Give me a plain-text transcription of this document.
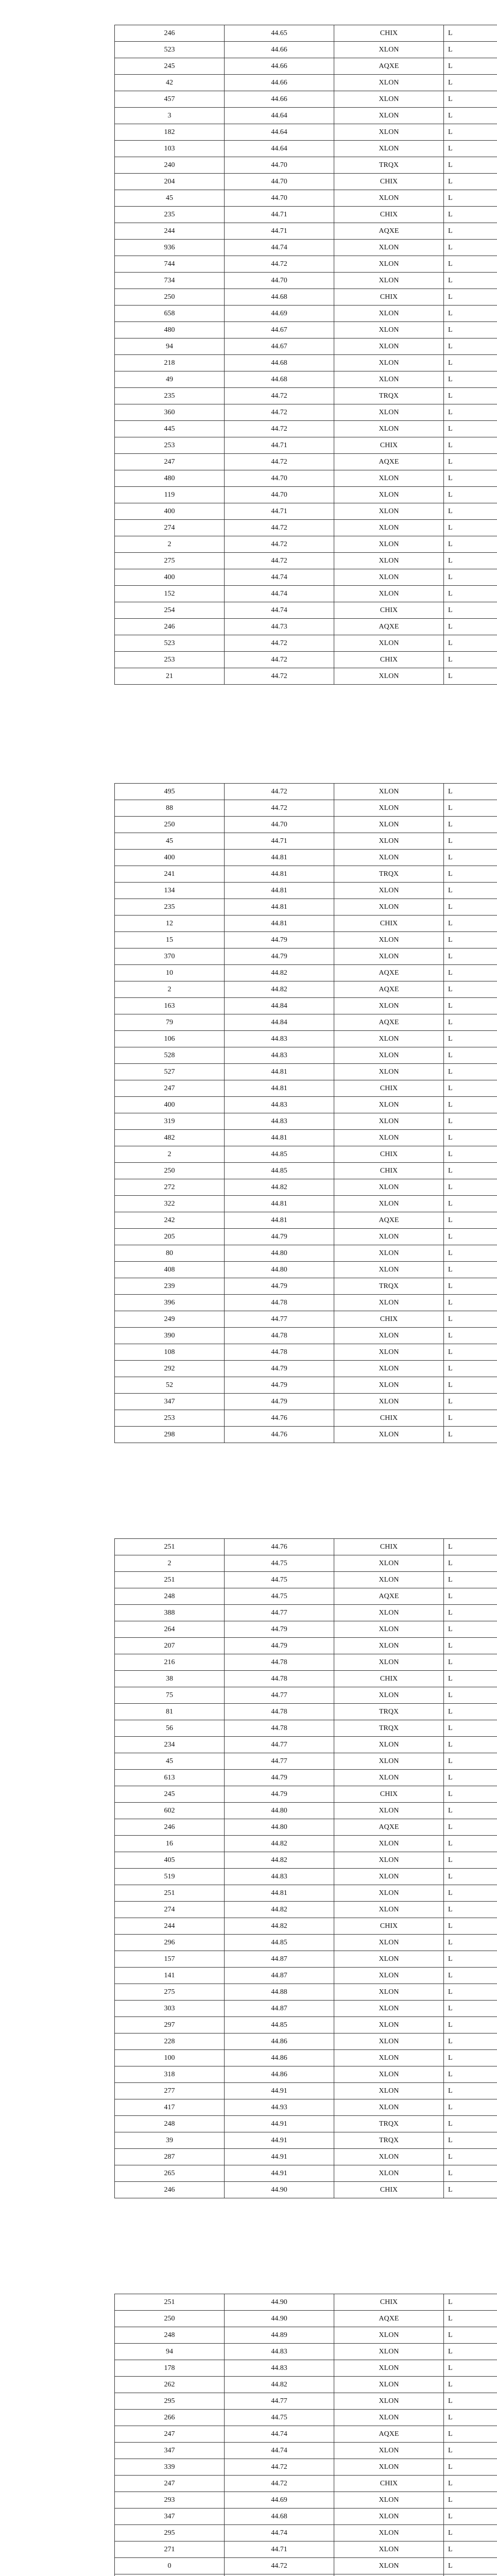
246	44.65	CHIX	L
523	44.66	XLON	L
245	44.66	AQXE	L
42	44.66	XLON	L
457	44.66	XLON	L
3	44.64	XLON	L
182	44.64	XLON	L
103	44.64	XLON	L
240	44.70	TRQX	L
204	44.70	CHIX	L
45	44.70	XLON	L
235	44.71	CHIX	L
244	44.71	AQXE	L
936	44.74	XLON	L
744	44.72	XLON	L
734	44.70	XLON	L
250	44.68	CHIX	L
658	44.69	XLON	L
480	44.67	XLON	L
94	44.67	XLON	L
218	44.68	XLON	L
49	44.68	XLON	L
235	44.72	TRQX	L
360	44.72	XLON	L
445	44.72	XLON	L
253	44.71	CHIX	L
247	44.72	AQXE	L
480	44.70	XLON	L
119	44.70	XLON	L
400	44.71	XLON	L
274	44.72	XLON	L
2	44.72	XLON	L
275	44.72	XLON	L
400	44.74	XLON	L
152	44.74	XLON	L
254	44.74	CHIX	L
246	44.73	AQXE	L
523	44.72	XLON	L
253	44.72	CHIX	L
21	44.72	XLON	L
495	44.72	XLON	L
88	44.72	XLON	L
250	44.70	XLON	L
45	44.71	XLON	L
400	44.81	XLON	L
241	44.81	TRQX	L
134	44.81	XLON	L
235	44.81	XLON	L
12	44.81	CHIX	L
15	44.79	XLON	L
370	44.79	XLON	L
10	44.82	AQXE	L
2	44.82	AQXE	L
163	44.84	XLON	L
79	44.84	AQXE	L
106	44.83	XLON	L
528	44.83	XLON	L
527	44.81	XLON	L
247	44.81	CHIX	L
400	44.83	XLON	L
319	44.83	XLON	L
482	44.81	XLON	L
2	44.85	CHIX	L
250	44.85	CHIX	L
272	44.82	XLON	L
322	44.81	XLON	L
242	44.81	AQXE	L
205	44.79	XLON	L
80	44.80	XLON	L
408	44.80	XLON	L
239	44.79	TRQX	L
396	44.78	XLON	L
249	44.77	CHIX	L
390	44.78	XLON	L
108	44.78	XLON	L
292	44.79	XLON	L
52	44.79	XLON	L
347	44.79	XLON	L
253	44.76	CHIX	L
298	44.76	XLON	L
251	44.76	CHIX	L
2	44.75	XLON	L
251	44.75	XLON	L
248	44.75	AQXE	L
388	44.77	XLON	L
264	44.79	XLON	L
207	44.79	XLON	L
216	44.78	XLON	L
38	44.78	CHIX	L
75	44.77	XLON	L
81	44.78	TRQX	L
56	44.78	TRQX	L
234	44.77	XLON	L
45	44.77	XLON	L
613	44.79	XLON	L
245	44.79	CHIX	L
602	44.80	XLON	L
246	44.80	AQXE	L
16	44.82	XLON	L
405	44.82	XLON	L
519	44.83	XLON	L
251	44.81	XLON	L
274	44.82	XLON	L
244	44.82	CHIX	L
296	44.85	XLON	L
157	44.87	XLON	L
141	44.87	XLON	L
275	44.88	XLON	L
303	44.87	XLON	L
297	44.85	XLON	L
228	44.86	XLON	L
100	44.86	XLON	L
318	44.86	XLON	L
277	44.91	XLON	L
417	44.93	XLON	L
248	44.91	TRQX	L
39	44.91	TRQX	L
287	44.91	XLON	L
265	44.91	XLON	L
246	44.90	CHIX	L
251	44.90	CHIX	L
250	44.90	AQXE	L
248	44.89	XLON	L
94	44.83	XLON	L
178	44.83	XLON	L
262	44.82	XLON	L
295	44.77	XLON	L
266	44.75	XLON	L
247	44.74	AQXE	L
347	44.74	XLON	L
339	44.72	XLON	L
247	44.72	CHIX	L
293	44.69	XLON	L
347	44.68	XLON	L
295	44.74	XLON	L
271	44.71	XLON	L
0	44.72	XLON	L
